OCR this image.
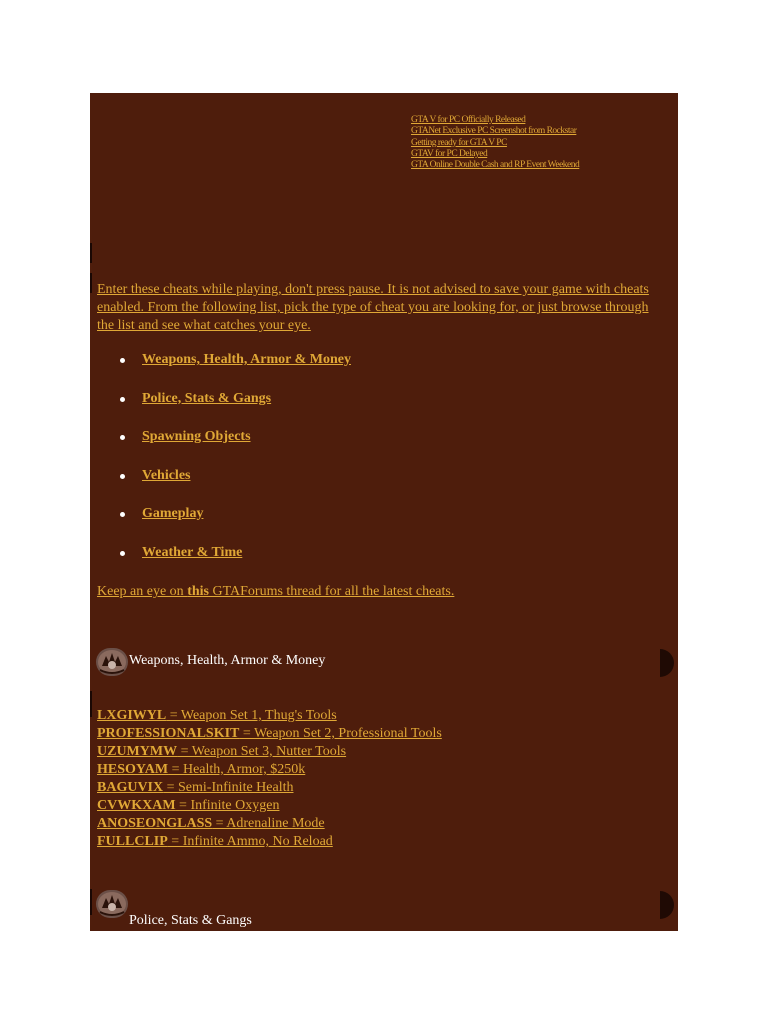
GTA V for PC Officially Released
GTANet Exclusive PC Screenshot from Rockstar
Getting ready for GTA V PC
GTAV for PC Delayed
GTA Online Double Cash and RP Event Weekend
Enter these cheats while playing, don't press pause. It is not advised to save your game with cheats enabled. From the following list, pick the type of cheat you are looking for, or just browse through the list and see what catches your eye.
Weapons, Health, Armor & Money
Police, Stats & Gangs
Spawning Objects
Vehicles
Gameplay
Weather & Time
Keep an eye on this GTAForums thread for all the latest cheats.
Weapons, Health, Armor & Money
LXGIWYL = Weapon Set 1, Thug's Tools
PROFESSIONALSKIT = Weapon Set 2, Professional Tools
UZUMYMW = Weapon Set 3, Nutter Tools
HESOYAM = Health, Armor, $250k
BAGUVIX = Semi-Infinite Health
CVWKXAM = Infinite Oxygen
ANOSEONGLASS = Adrenaline Mode
FULLCLIP = Infinite Ammo, No Reload
Police, Stats & Gangs
